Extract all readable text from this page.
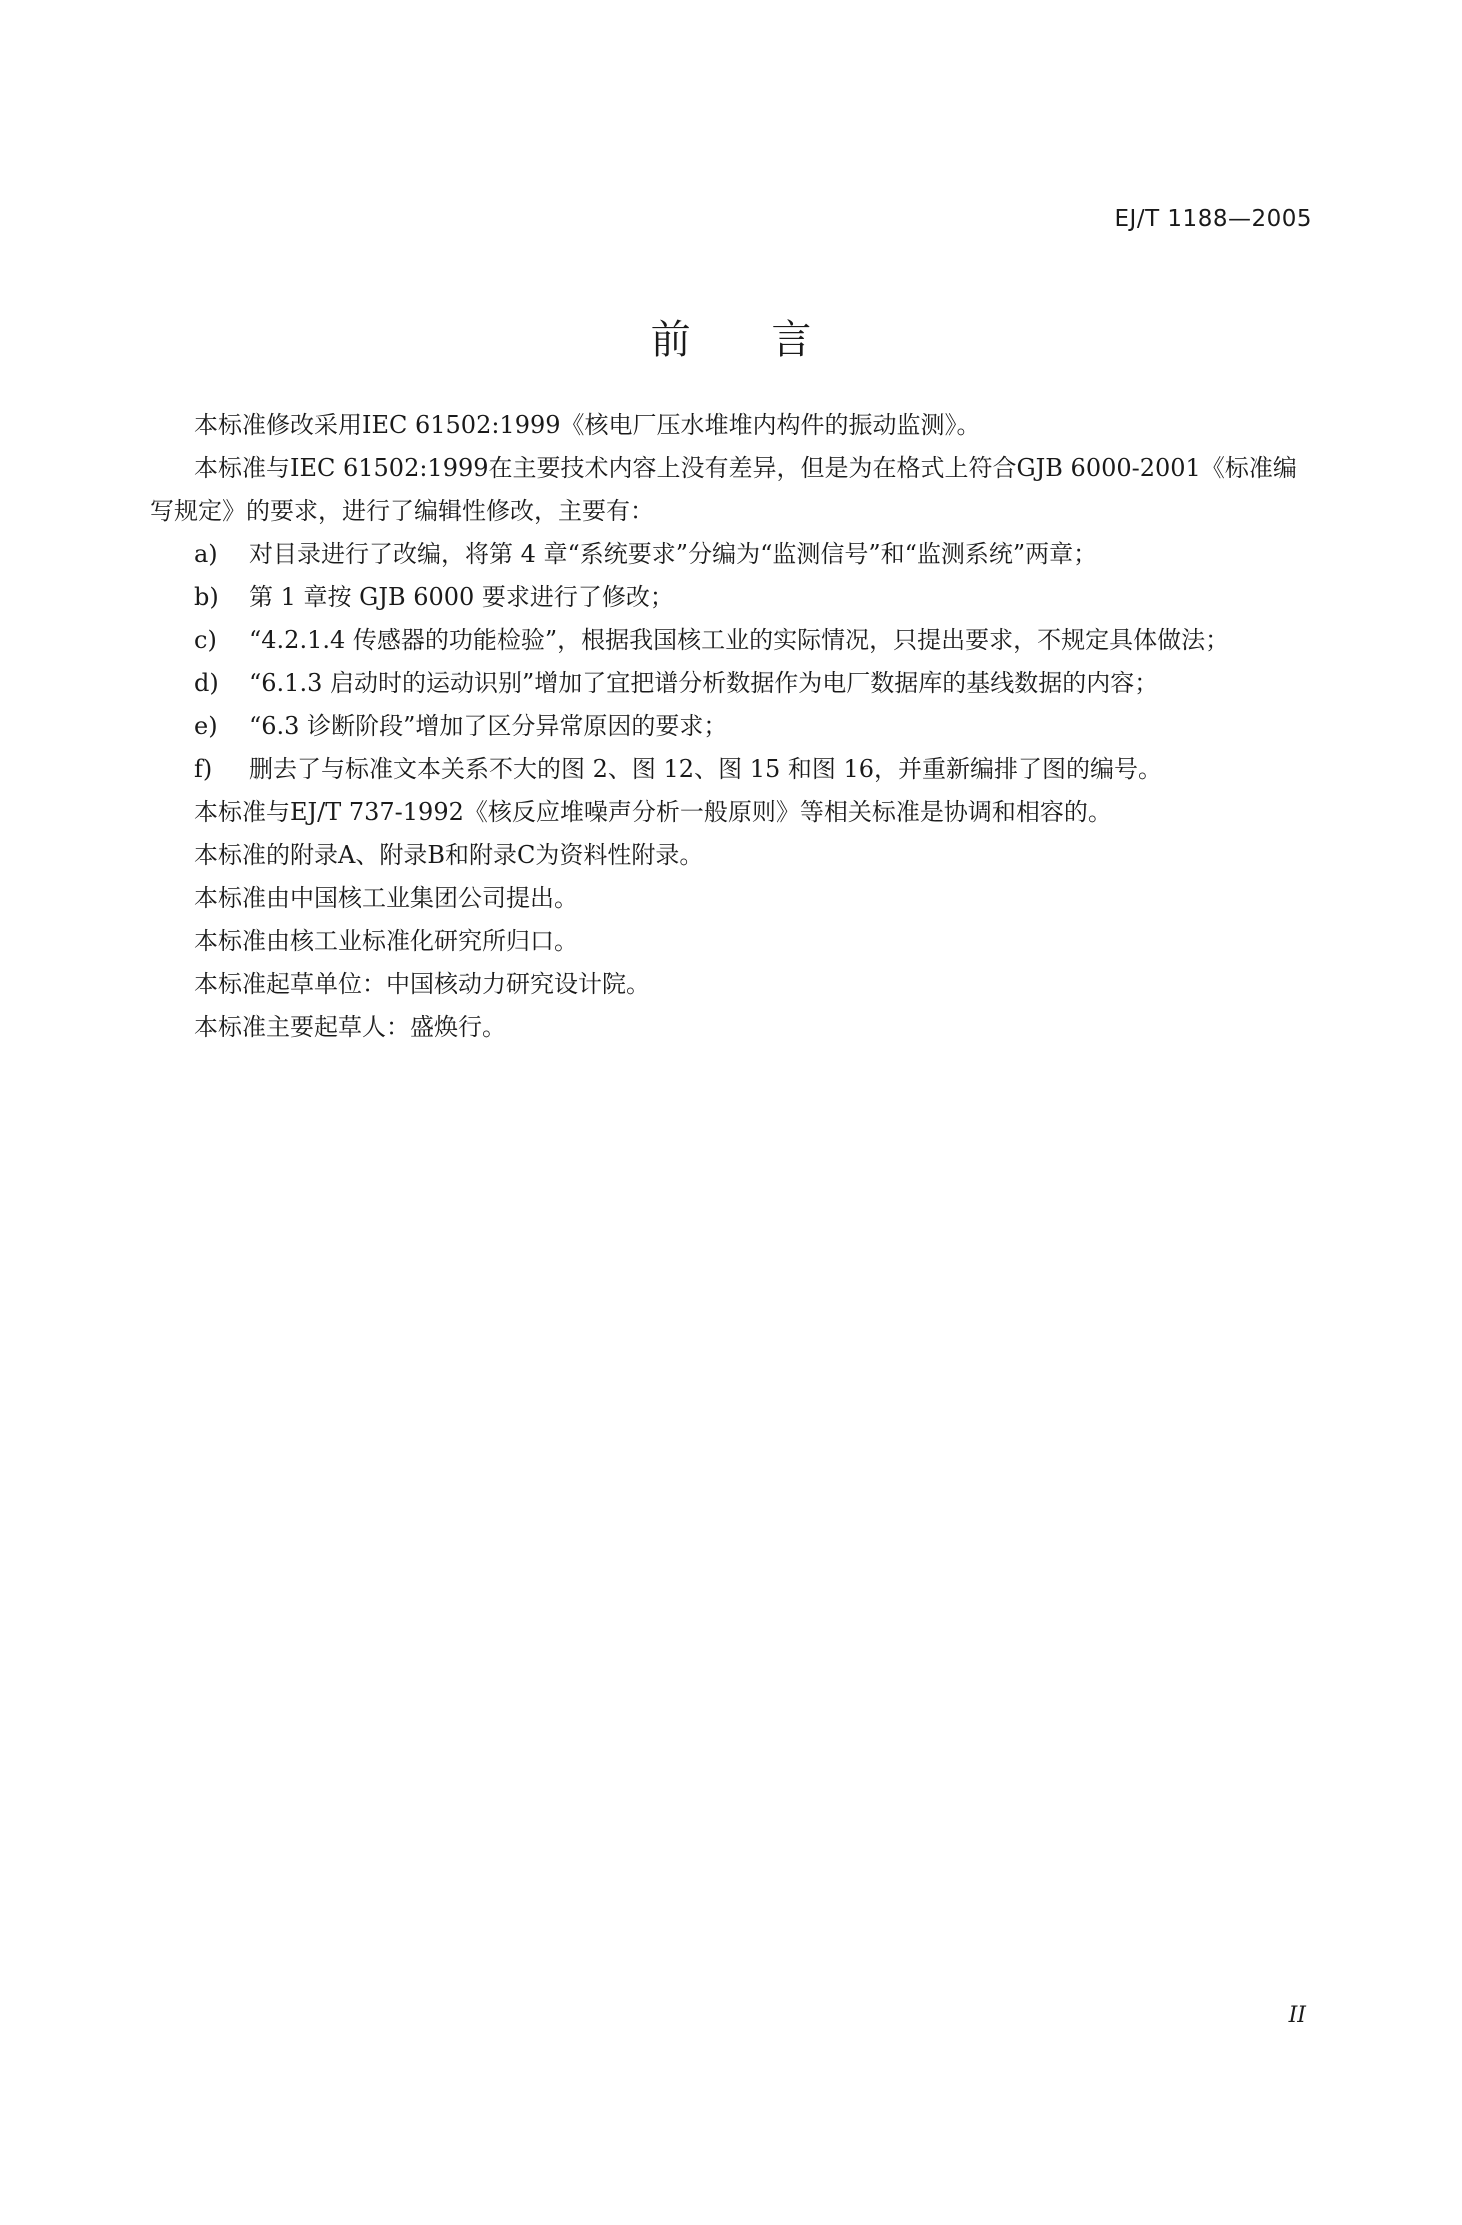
EJ/T 1188—2005
前 言

本标准修改采用IEC 61502:1999《核电厂压水堆堆内构件的振动监测》。

本标准与IEC 61502:1999在主要技术内容上没有差异，但是为在格式上符合GJB 6000-2001《标准编写规定》的要求，进行了编辑性修改，主要有：

a)	对目录进行了改编，将第 4 章“系统要求”分编为“监测信号”和“监测系统”两章；
b)	第 1 章按 GJB 6000 要求进行了修改；
c)	“4.2.1.4 传感器的功能检验”，根据我国核工业的实际情况，只提出要求，不规定具体做法；
d)	“6.1.3 启动时的运动识别”增加了宜把谱分析数据作为电厂数据库的基线数据的内容；
e)	“6.3 诊断阶段”增加了区分异常原因的要求；
f)	删去了与标准文本关系不大的图 2、图 12、图 15 和图 16，并重新编排了图的编号。

本标准与EJ/T 737-1992《核反应堆噪声分析一般原则》等相关标准是协调和相容的。

本标准的附录A、附录B和附录C为资料性附录。

本标准由中国核工业集团公司提出。

本标准由核工业标准化研究所归口。

本标准起草单位：中国核动力研究设计院。

本标准主要起草人：盛焕行。

II
